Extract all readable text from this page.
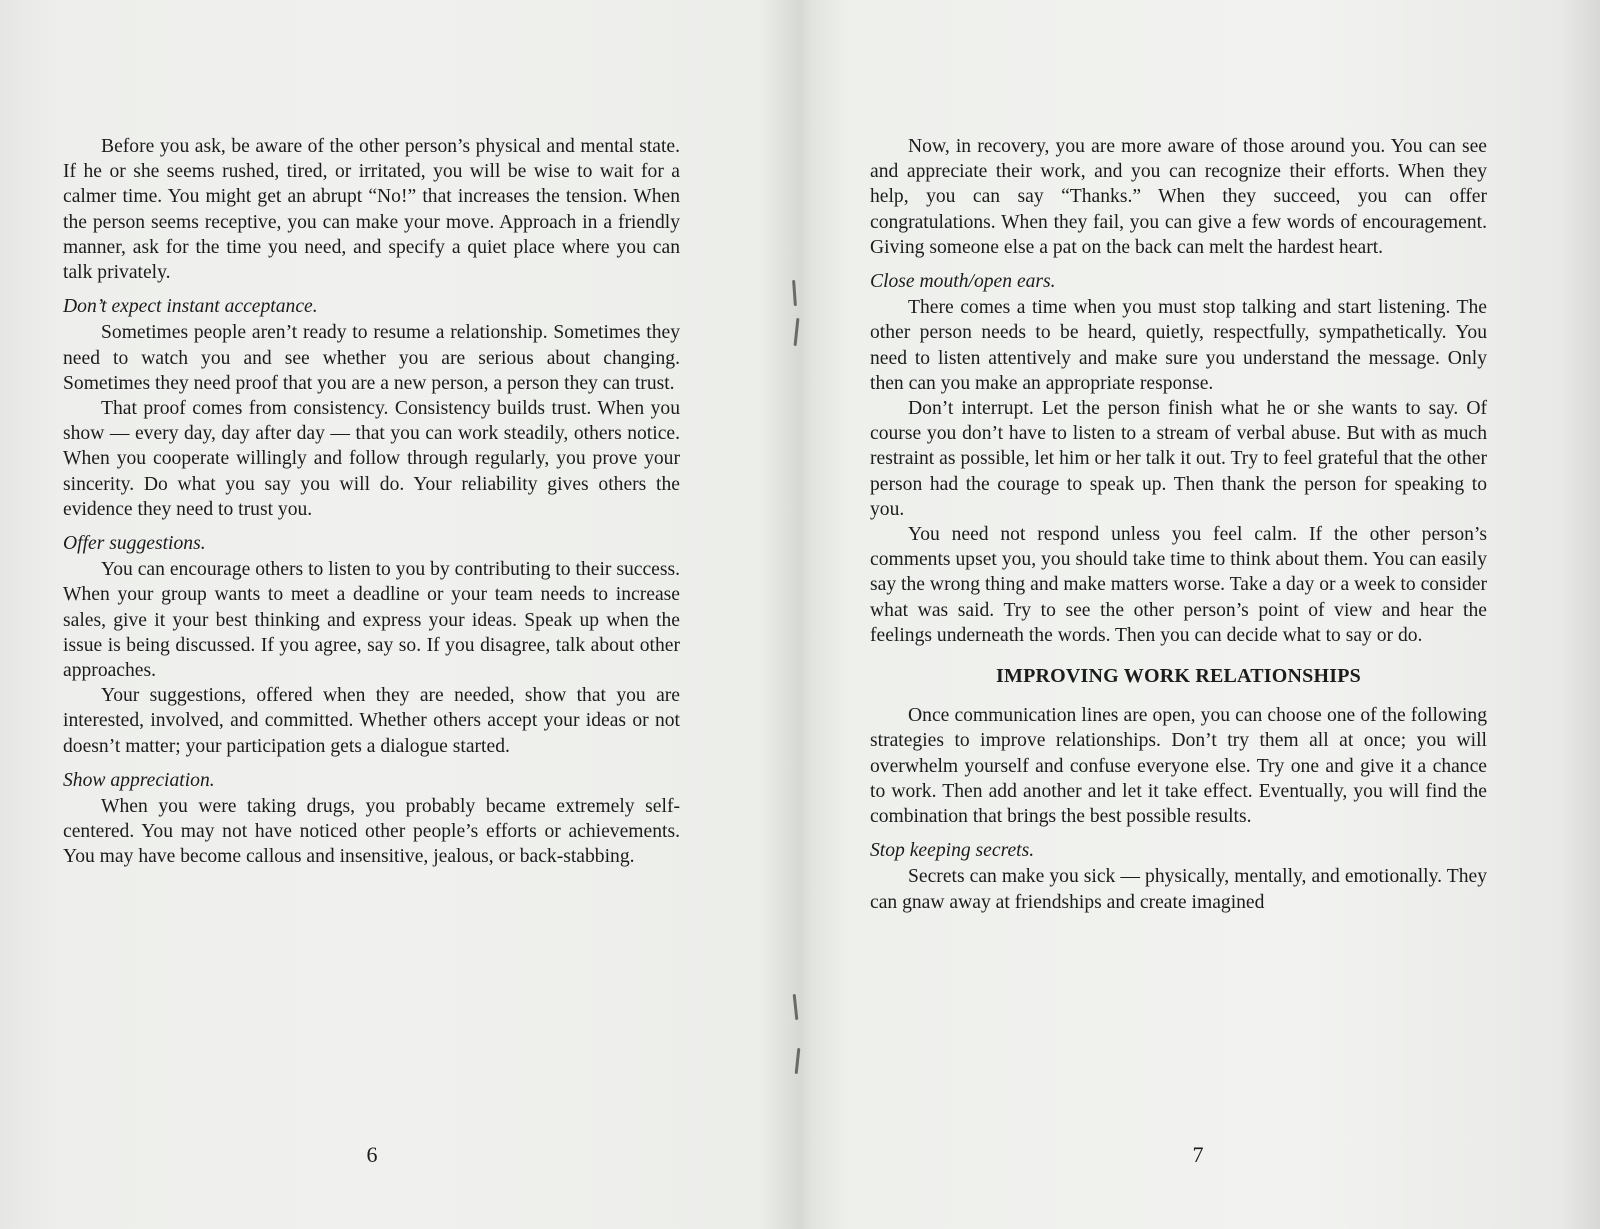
Before you ask, be aware of the other person’s physical and mental state. If he or she seems rushed, tired, or irritated, you will be wise to wait for a calmer time. You might get an abrupt “No!” that increases the tension. When the person seems receptive, you can make your move. Approach in a friendly manner, ask for the time you need, and specify a quiet place where you can talk privately.

Don’t expect instant acceptance.

Sometimes people aren’t ready to resume a relationship. Sometimes they need to watch you and see whether you are serious about changing. Sometimes they need proof that you are a new person, a person they can trust.

That proof comes from consistency. Consistency builds trust. When you show — every day, day after day — that you can work steadily, others notice. When you cooperate willingly and follow through regularly, you prove your sincerity. Do what you say you will do. Your reliability gives others the evidence they need to trust you.

Offer suggestions.

You can encourage others to listen to you by contributing to their success. When your group wants to meet a deadline or your team needs to increase sales, give it your best thinking and express your ideas. Speak up when the issue is being discussed. If you agree, say so. If you disagree, talk about other approaches.

Your suggestions, offered when they are needed, show that you are interested, involved, and committed. Whether others accept your ideas or not doesn’t matter; your participation gets a dialogue started.

Show appreciation.

When you were taking drugs, you probably became extremely self-centered. You may not have noticed other people’s efforts or achievements. You may have become callous and insensitive, jealous, or back-stabbing.

6

Now, in recovery, you are more aware of those around you. You can see and appreciate their work, and you can recognize their efforts. When they help, you can say “Thanks.” When they succeed, you can offer congratulations. When they fail, you can give a few words of encouragement. Giving someone else a pat on the back can melt the hardest heart.

Close mouth/open ears.

There comes a time when you must stop talking and start listening. The other person needs to be heard, quietly, respectfully, sympathetically. You need to listen attentively and make sure you understand the message. Only then can you make an appropriate response.

Don’t interrupt. Let the person finish what he or she wants to say. Of course you don’t have to listen to a stream of verbal abuse. But with as much restraint as possible, let him or her talk it out. Try to feel grateful that the other person had the courage to speak up. Then thank the person for speaking to you.

You need not respond unless you feel calm. If the other person’s comments upset you, you should take time to think about them. You can easily say the wrong thing and make matters worse. Take a day or a week to consider what was said. Try to see the other person’s point of view and hear the feelings underneath the words. Then you can decide what to say or do.

IMPROVING WORK RELATIONSHIPS

Once communication lines are open, you can choose one of the following strategies to improve relationships. Don’t try them all at once; you will overwhelm yourself and confuse everyone else. Try one and give it a chance to work. Then add another and let it take effect. Eventually, you will find the combination that brings the best possible results.

Stop keeping secrets.

Secrets can make you sick — physically, mentally, and emotionally. They can gnaw away at friendships and create imagined

7
